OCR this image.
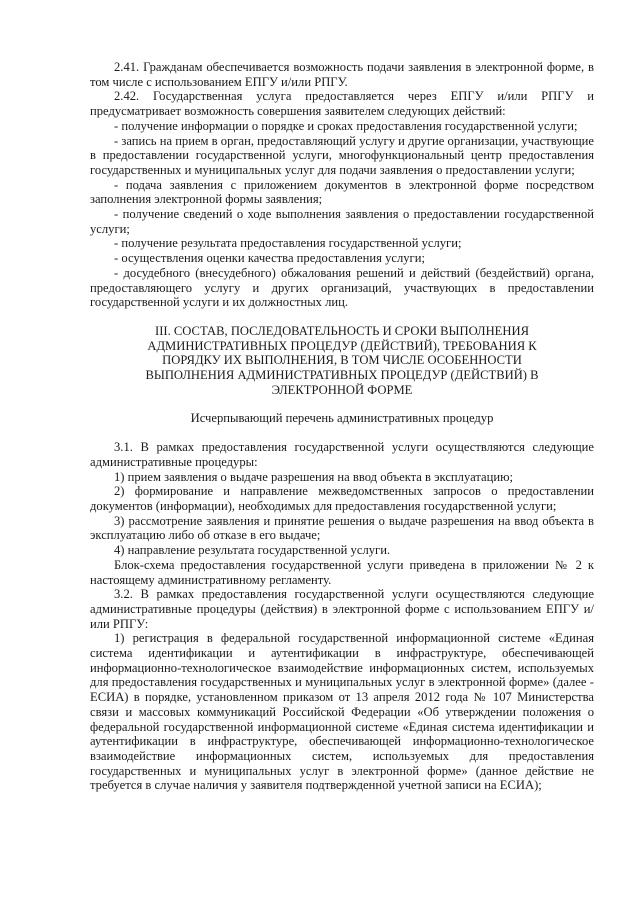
2.41. Гражданам обеспечивается возможность подачи заявления в электронной форме, в том числе с использованием ЕПГУ и/или РПГУ.

2.42. Государственная услуга предоставляется через ЕПГУ и/или РПГУ и предусматривает возможность совершения заявителем следующих действий:

- получение информации о порядке и сроках предоставления государственной услуги;

- запись на прием в орган, предоставляющий услугу и другие организации, участвующие в предоставлении государственной услуги, многофункциональный центр предоставления государственных и муниципальных услуг для подачи заявления о предоставлении услуги;

- подача заявления с приложением документов в электронной форме посредством заполнения электронной формы заявления;

- получение сведений о ходе выполнения заявления о предоставлении государственной услуги;

- получение результата предоставления государственной услуги;

- осуществления оценки качества предоставления услуги;

- досудебного (внесудебного) обжалования решений и действий (бездействий) органа, предоставляющего услугу и других организаций, участвующих в предоставлении государственной услуги и их должностных лиц.

III. СОСТАВ, ПОСЛЕДОВАТЕЛЬНОСТЬ И СРОКИ ВЫПОЛНЕНИЯ АДМИНИСТРАТИВНЫХ ПРОЦЕДУР (ДЕЙСТВИЙ), ТРЕБОВАНИЯ К ПОРЯДКУ ИХ ВЫПОЛНЕНИЯ, В ТОМ ЧИСЛЕ ОСОБЕННОСТИ ВЫПОЛНЕНИЯ АДМИНИСТРАТИВНЫХ ПРОЦЕДУР (ДЕЙСТВИЙ) В ЭЛЕКТРОННОЙ ФОРМЕ

Исчерпывающий перечень административных процедур

3.1. В рамках предоставления государственной услуги осуществляются следующие административные процедуры:

1) прием заявления о выдаче разрешения на ввод объекта в эксплуатацию;

2) формирование и направление межведомственных запросов о предоставлении документов (информации), необходимых для предоставления государственной услуги;

3) рассмотрение заявления и принятие решения о выдаче разрешения на ввод объекта в эксплуатацию либо об отказе в его выдаче;

4) направление результата государственной услуги.

Блок-схема предоставления государственной услуги приведена в приложении № 2 к настоящему административному регламенту.

3.2. В рамках предоставления государственной услуги осуществляются следующие административные процедуры (действия) в электронной форме с использованием ЕПГУ и/или РПГУ:

1) регистрация в федеральной государственной информационной системе «Единая система идентификации и аутентификации в инфраструктуре, обеспечивающей информационно-технологическое взаимодействие информационных систем, используемых для предоставления государственных и муниципальных услуг в электронной форме» (далее - ЕСИА) в порядке, установленном приказом от 13 апреля 2012 года № 107 Министерства связи и массовых коммуникаций Российской Федерации «Об утверждении положения о федеральной государственной информационной системе «Единая система идентификации и аутентификации в инфраструктуре, обеспечивающей информационно-технологическое взаимодействие информационных систем, используемых для предоставления государственных и муниципальных услуг в электронной форме» (данное действие не требуется в случае наличия у заявителя подтвержденной учетной записи на ЕСИА);
